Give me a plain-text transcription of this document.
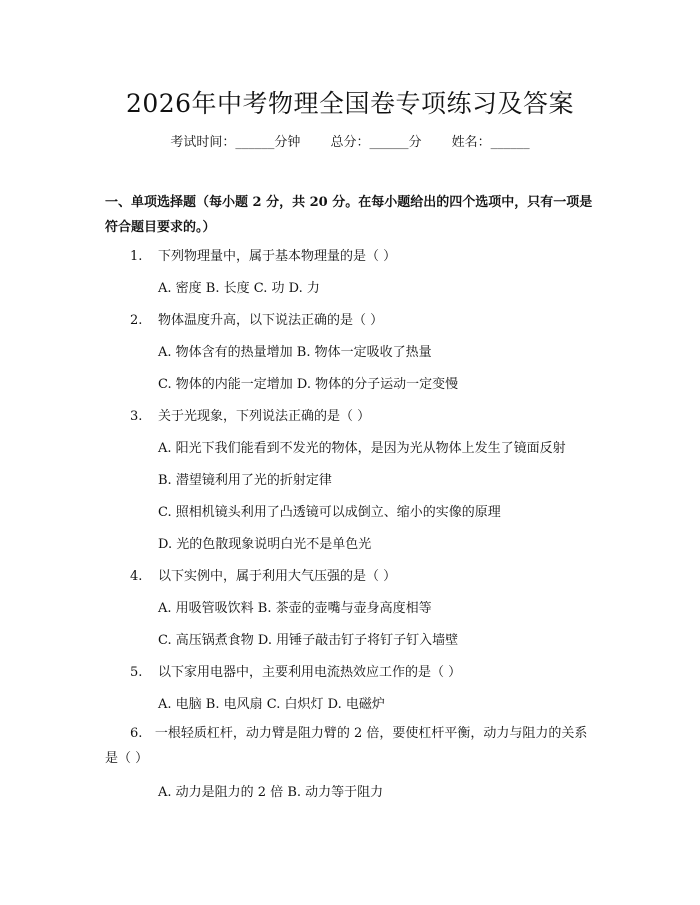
2026年中考物理全国卷专项练习及答案
考试时间：______分钟 总分：______分 姓名：______
一、单项选择题（每小题 2 分，共 20 分。在每小题给出的四个选项中，只有一项是符合题目要求的。）
1. 下列物理量中，属于基本物理量的是（ ）
A. 密度 B. 长度 C. 功 D. 力
2. 物体温度升高，以下说法正确的是（ ）
A. 物体含有的热量增加 B. 物体一定吸收了热量
C. 物体的内能一定增加 D. 物体的分子运动一定变慢
3. 关于光现象，下列说法正确的是（ ）
A. 阳光下我们能看到不发光的物体，是因为光从物体上发生了镜面反射
B. 潜望镜利用了光的折射定律
C. 照相机镜头利用了凸透镜可以成倒立、缩小的实像的原理
D. 光的色散现象说明白光不是单色光
4. 以下实例中，属于利用大气压强的是（ ）
A. 用吸管吸饮料 B. 茶壶的壶嘴与壶身高度相等
C. 高压锅煮食物 D. 用锤子敲击钉子将钉子钉入墙壁
5. 以下家用电器中，主要利用电流热效应工作的是（ ）
A. 电脑 B. 电风扇 C. 白炽灯 D. 电磁炉
6. 一根轻质杠杆，动力臂是阻力臂的 2 倍，要使杠杆平衡，动力与阻力的关系是（ ）
A. 动力是阻力的 2 倍 B. 动力等于阻力
